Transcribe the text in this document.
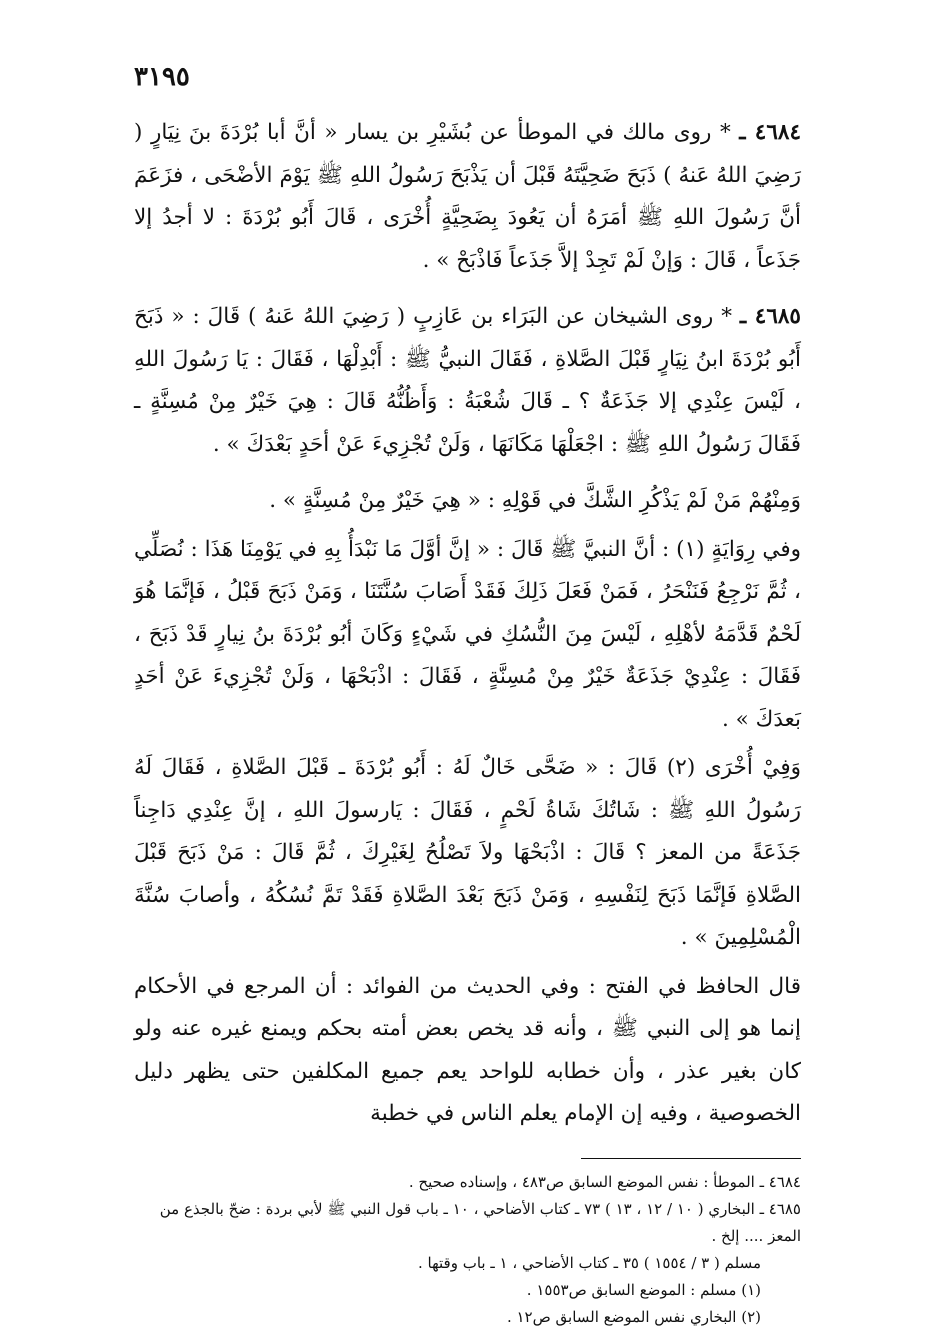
٣١٩٥

٤٦٨٤ ـ * روى مالك في الموطأ عن بُشَيْرِ بن يسار « أنَّ أبا بُرْدَةَ بنَ نِيَارٍ ( رَضِيَ اللهُ عَنهُ ) ذَبَحَ ضَحِيَّتَهُ قَبْلَ أن يَذْبَحَ رَسُولُ اللهِ ﷺ يَوْمَ الأضْحَى ، فزَعَمَ أنَّ رَسُولَ اللهِ ﷺ أمَرَهُ أن يَعُودَ بِضَحِيَّةٍ أُخْرَى ، قَالَ أَبُو بُرْدَةَ : لا أجدُ إلا جَذَعاً ، قَالَ : وَإنْ لَمْ تَجِدْ إلاَّ جَذَعاً فَاذْبَحْ » .

٤٦٨٥ ـ * روى الشيخان عن البَرَاء بن عَازِبٍ ( رَضِيَ اللهُ عَنهُ ) قَالَ : « ذَبَحَ أَبُو بُرْدَةَ ابنُ نِيَارٍ قَبْلَ الصَّلاةِ ، فَقَالَ النبيُّ ﷺ : أَبْدِلْهَا ، فَقَالَ : يَا رَسُولَ اللهِ ، لَيْسَ عِنْدِي إلا جَذَعَةٌ ؟ ـ قَالَ شُعْبَةُ : وَأَظُنُّهُ قَالَ : هِيَ خَيْرٌ مِنْ مُسِنَّةٍ ـ فَقَالَ رَسُولُ اللهِ ﷺ : اجْعَلْهَا مَكَانَهَا ، وَلَنْ تُجْزِيءَ عَنْ أحَدٍ بَعْدَكَ » .

وَمِنْهُمْ مَنْ لَمْ يَذْكُرِ الشَّكَّ في قَوْلِهِ : « هِيَ خَيْرٌ مِنْ مُسِنَّةٍ » .

وفي رِوَايَةٍ (١) : أنَّ النبيَّ ﷺ قَالَ : « إنَّ أوَّلَ مَا نَبْدَأُ بِهِ في يَوْمِنَا هَذَا : نُصَلِّي ، ثُمَّ نَرْجِعُ فَنَنْحَرُ ، فَمَنْ فَعَلَ ذَلِكَ فَقَدْ أَصَابَ سُنَّتَنَا ، وَمَنْ ذَبَحَ قَبْلُ ، فَإنَّمَا هُوَ لَحْمٌ قَدَّمَهُ لأهْلِهِ ، لَيْسَ مِنَ النُّسُكِ في شَيْءٍ وَكَانَ أبُو بُرْدَةَ بنُ نِيارٍ قَدْ ذَبَحَ ، فَقَالَ : عِنْدِيْ جَذَعَةٌ خَيْرٌ مِنْ مُسِنَّةٍ ، فَقَالَ : اذْبَحْهَا ، وَلَنْ تُجْزِيءَ عَنْ أحَدٍ بَعدَكَ » .

وَفِيْ أُخْرَى (٢) قَالَ : « ضَحَّى خَالٌ لَهُ : أَبُو بُرْدَةَ ـ قَبْلَ الصَّلاةِ ، فَقَالَ لَهُ رَسُولُ اللهِ ﷺ : شَاتُكَ شَاةُ لَحْمٍ ، فَقَالَ : يَارسولَ اللهِ ، إنَّ عِنْدِي دَاجِناً جَذَعَةً من المعز ؟ قَالَ : اذْبَحْهَا ولاَ تَصْلُحُ لِغَيْرِكَ ، ثُمَّ قَالَ : مَنْ ذَبَحَ قَبْلَ الصَّلاةِ فَإنَّمَا ذَبَحَ لِنَفْسِهِ ، وَمَنْ ذَبَحَ بَعْدَ الصَّلاةِ فَقَدْ تَمَّ نُسُكُهُ ، وأصابَ سُنَّةَ الْمُسْلِمِينَ » .

قال الحافظ في الفتح : وفي الحديث من الفوائد : أن المرجع في الأحكام إنما هو إلى النبي ﷺ ، وأنه قد يخص بعض أمته بحكم ويمنع غيره عنه ولو كان بغير عذر ، وأن خطابه للواحد يعم جميع المكلفين حتى يظهر دليل الخصوصية ، وفيه إن الإمام يعلم الناس في خطبة

٤٦٨٤ ـ الموطأ : نفس الموضع السابق ص٤٨٣ ، وإسناده صحيح .

٤٦٨٥ ـ البخاري ( ١٠ / ١٢ ، ١٣ ) ٧٣ ـ كتاب الأضاحي ، ١٠ ـ باب قول النبي ﷺ لأبي بردة : ضحّ بالجذع من المعز .... إلخ .

مسلم ( ٣ / ١٥٥٤ ) ٣٥ ـ كتاب الأضاحي ، ١ ـ باب وقتها .

(١) مسلم : الموضع السابق ص١٥٥٣ .

(٢) البخاري نفس الموضع السابق ص١٢ .
